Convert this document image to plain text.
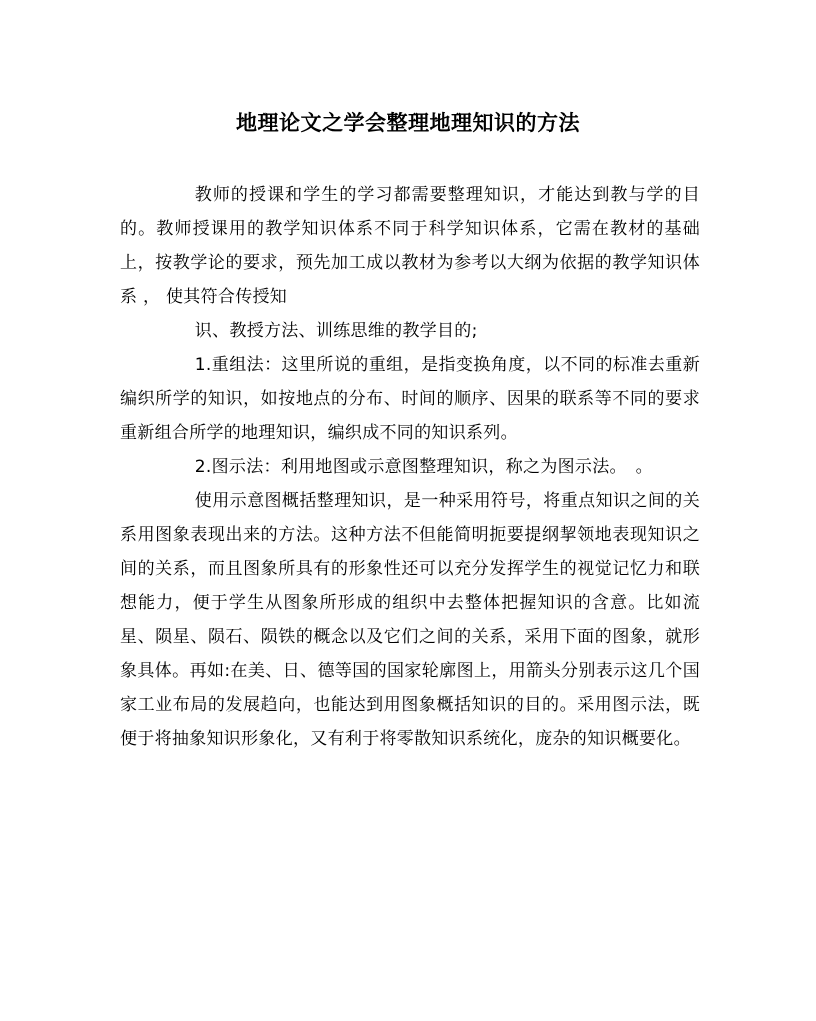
地理论文之学会整理地理知识的方法

教师的授课和学生的学习都需要整理知识，才能达到教与学的目的。教师授课用的教学知识体系不同于科学知识体系，它需在教材的基础上，按教学论的要求，预先加工成以教材为参考以大纲为依据的教学知识体系 ， 使其符合传授知

识、教授方法、训练思维的教学目的;

1.重组法：这里所说的重组，是指变换角度，以不同的标准去重新编织所学的知识，如按地点的分布、时间的顺序、因果的联系等不同的要求重新组合所学的地理知识，编织成不同的知识系列。

2.图示法：利用地图或示意图整理知识，称之为图示法。　。

使用示意图概括整理知识，是一种采用符号，将重点知识之间的关系用图象表现出来的方法。这种方法不但能简明扼要提纲挈领地表现知识之间的关系，而且图象所具有的形象性还可以充分发挥学生的视觉记忆力和联想能力，便于学生从图象所形成的组织中去整体把握知识的含意。比如流星、陨星、陨石、陨铁的概念以及它们之间的关系，采用下面的图象，就形象具体。再如:在美、日、德等国的国家轮廓图上，用箭头分别表示这几个国家工业布局的发展趋向，也能达到用图象概括知识的目的。采用图示法，既便于将抽象知识形象化，又有利于将零散知识系统化，庞杂的知识概要化。
